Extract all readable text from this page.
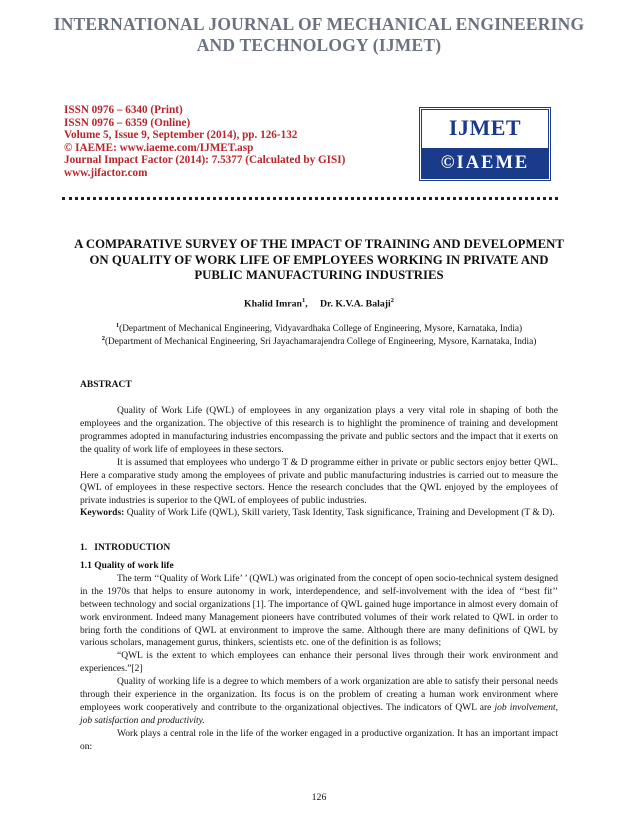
INTERNATIONAL JOURNAL OF MECHANICAL ENGINEERING
AND TECHNOLOGY (IJMET)
ISSN 0976 – 6340 (Print)
ISSN 0976 – 6359 (Online)
Volume 5, Issue 9, September (2014), pp. 126-132
© IAEME: www.iaeme.com/IJMET.asp
Journal Impact Factor (2014): 7.5377 (Calculated by GISI)
www.jifactor.com
IJMET
©IAEME
A COMPARATIVE SURVEY OF THE IMPACT OF TRAINING AND DEVELOPMENT ON QUALITY OF WORK LIFE OF EMPLOYEES WORKING IN PRIVATE AND PUBLIC MANUFACTURING INDUSTRIES
Khalid Imran$^1$, Dr. K.V.A. Balaji$^2$
$^1$(Department of Mechanical Engineering, Vidyavardhaka College of Engineering, Mysore, Karnataka, India)
$^2$(Department of Mechanical Engineering, Sri Jayachamarajendra College of Engineering, Mysore, Karnataka, India)

ABSTRACT

Quality of Work Life (QWL) of employees in any organization plays a very vital role in shaping of both the employees and the organization. The objective of this research is to highlight the prominence of training and development programmes adopted in manufacturing industries encompassing the private and public sectors and the impact that it exerts on the quality of work life of employees in these sectors.

It is assumed that employees who undergo T & D programme either in private or public sectors enjoy better QWL. Here a comparative study among the employees of private and public manufacturing industries is carried out to measure the QWL of employees in these respective sectors. Hence the research concludes that the QWL enjoyed by the employees of private industries is superior to the QWL of employees of public industries.

Keywords: Quality of Work Life (QWL), Skill variety, Task Identity, Task significance, Training and Development (T & D).

1.   INTRODUCTION

1.1 Quality of work life

The term ‘‘Quality of Work Life’ ’ (QWL) was originated from the concept of open socio-technical system designed in the 1970s that helps to ensure autonomy in work, interdependence, and self-involvement with the idea of ‘‘best fit’’ between technology and social organizations [1]. The importance of QWL gained huge importance in almost every domain of work environment. Indeed many Management pioneers have contributed volumes of their work related to QWL in order to bring forth the conditions of QWL at environment to improve the same. Although there are many definitions of QWL by various scholars, management gurus, thinkers, scientists etc. one of the definition is as follows;

“QWL is the extent to which employees can enhance their personal lives through their work environment and experiences.”[2]

Quality of working life is a degree to which members of a work organization are able to satisfy their personal needs through their experience in the organization. Its focus is on the problem of creating a human work environment where employees work cooperatively and contribute to the organizational objectives. The indicators of QWL are job involvement, job satisfaction and productivity.

Work plays a central role in the life of the worker engaged in a productive organization. It has an important impact on:

126
